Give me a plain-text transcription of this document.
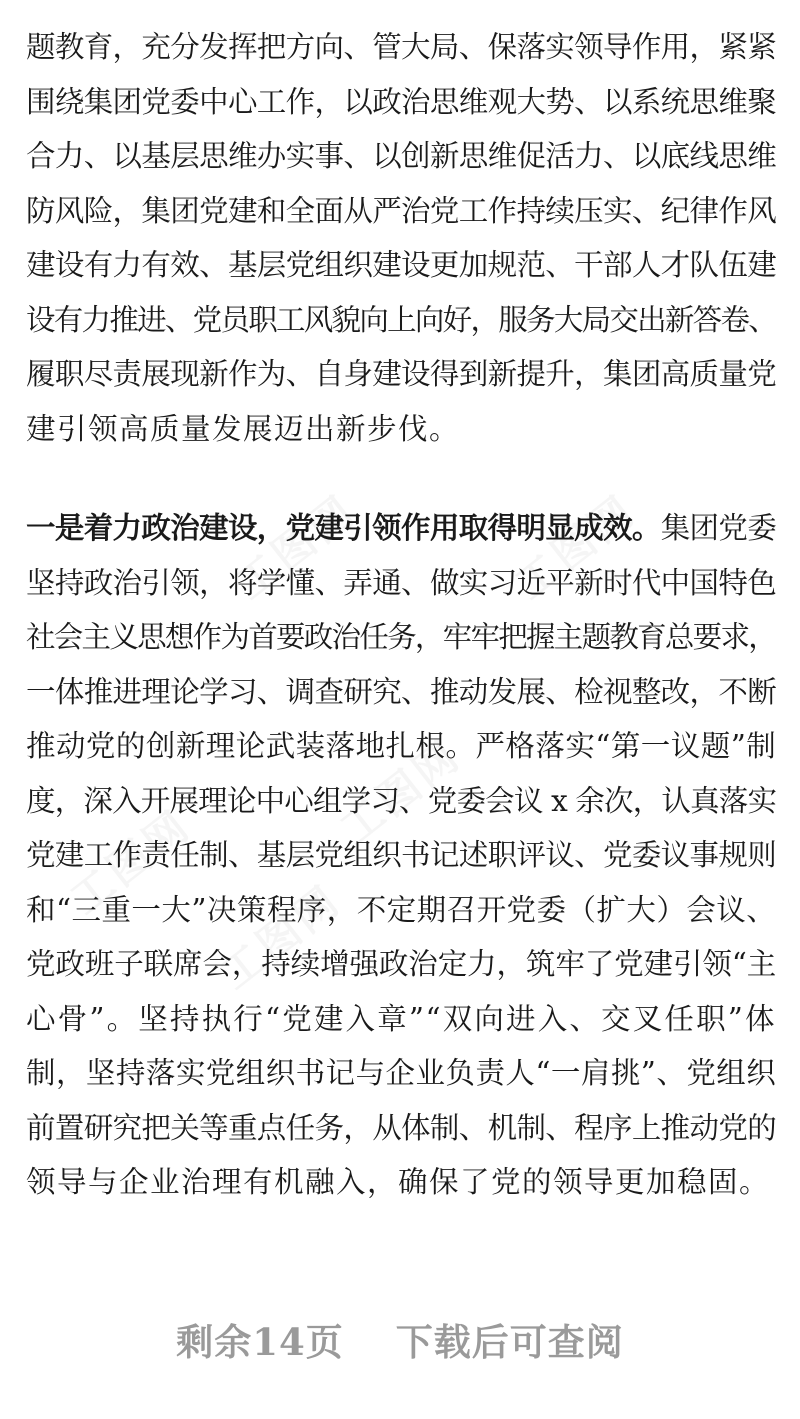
工图网	工图网
工图网
工图网
工图网
题教育，充分发挥把方向、管大局、保落实领导作用，紧紧
围绕集团党委中心工作，以政治思维观大势、以系统思维聚
合力、以基层思维办实事、以创新思维促活力、以底线思维
防风险，集团党建和全面从严治党工作持续压实、纪律作风
建设有力有效、基层党组织建设更加规范、干部人才队伍建
设有力推进、党员职工风貌向上向好，服务大局交出新答卷、
履职尽责展现新作为、自身建设得到新提升，集团高质量党
建引领高质量发展迈出新步伐。
一是着力政治建设，党建引领作用取得明显成效。集团党委
坚持政治引领，将学懂、弄通、做实习近平新时代中国特色
社会主义思想作为首要政治任务，牢牢把握主题教育总要求，
一体推进理论学习、调查研究、推动发展、检视整改，不断
推动党的创新理论武装落地扎根。严格落实“第一议题”制
度，深入开展理论中心组学习、党委会议 x 余次，认真落实
党建工作责任制、基层党组织书记述职评议、党委议事规则
和“三重一大”决策程序，不定期召开党委（扩大）会议、
党政班子联席会，持续增强政治定力，筑牢了党建引领“主
心骨”。坚持执行“党建入章”“双向进入、交叉任职”体
制，坚持落实党组织书记与企业负责人“一肩挑”、党组织
前置研究把关等重点任务，从体制、机制、程序上推动党的
领导与企业治理有机融入，确保了党的领导更加稳固。
剩余14页 下载后可查阅
